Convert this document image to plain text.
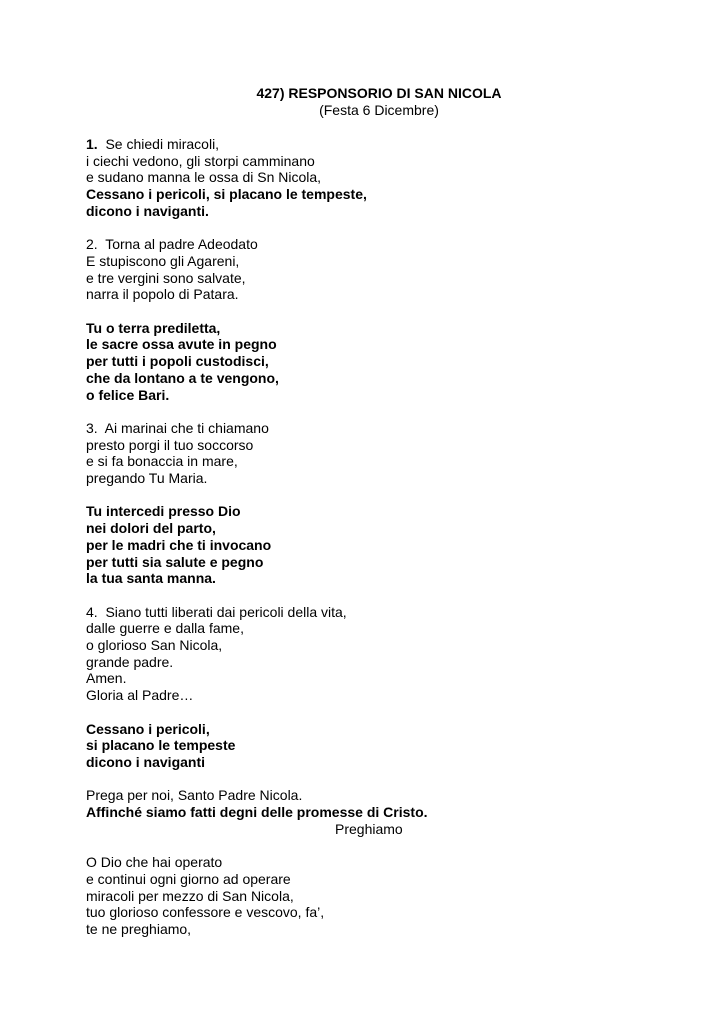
427) RESPONSORIO DI SAN NICOLA
(Festa 6 Dicembre)
1.  Se chiedi miracoli,
i ciechi vedono, gli storpi camminano
e sudano manna le ossa di Sn Nicola,
Cessano i pericoli, si placano le tempeste,
dicono i naviganti.
2.  Torna al padre Adeodato
E stupiscono gli Agareni,
e tre vergini sono salvate,
narra il popolo di Patara.
Tu o terra prediletta,
le sacre ossa avute in pegno
per tutti i popoli custodisci,
che da lontano a te vengono,
o felice Bari.
3.  Ai marinai che ti chiamano
presto porgi il tuo soccorso
e si fa bonaccia in mare,
pregando Tu Maria.
Tu intercedi presso Dio
nei dolori del parto,
per le madri che ti invocano
per tutti sia salute e pegno
la tua santa manna.
4.  Siano tutti liberati dai pericoli della vita,
dalle guerre e dalla fame,
o glorioso San Nicola,
grande padre.
Amen.
Gloria al Padre…
Cessano i pericoli,
si placano le tempeste
dicono i naviganti
Prega per noi, Santo Padre Nicola.
Affinché siamo fatti degni delle promesse di Cristo.
Preghiamo
O Dio che hai operato
e continui ogni giorno ad operare
miracoli per mezzo di San Nicola,
tuo glorioso confessore e vescovo, fa’,
te ne preghiamo,
